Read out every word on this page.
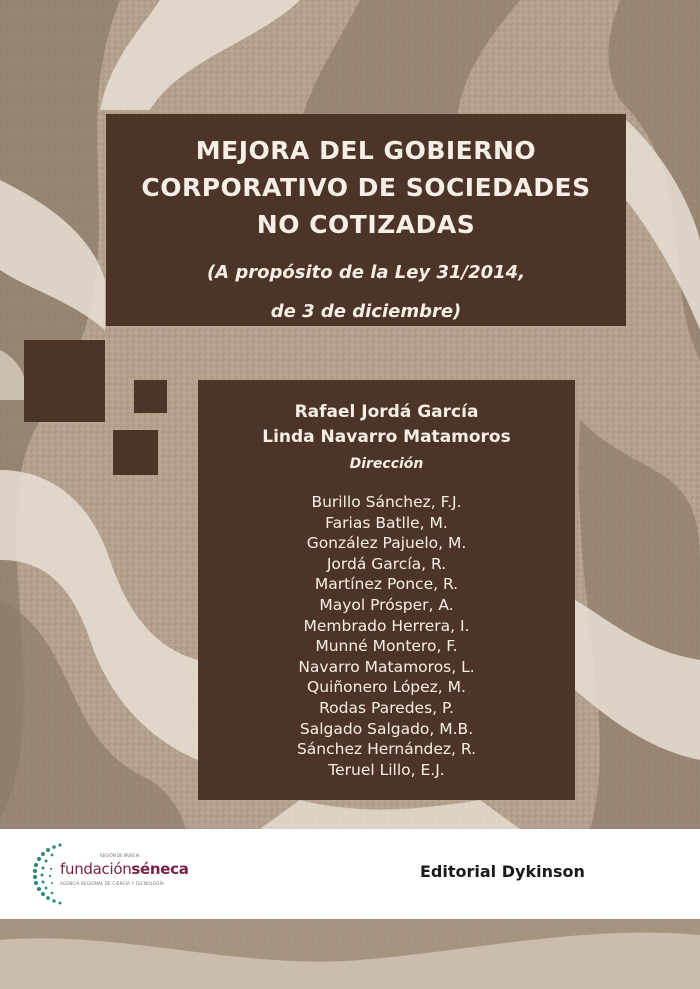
MEJORA DEL GOBIERNO
CORPORATIVO DE SOCIEDADES
NO COTIZADAS
(A propósito de la Ley 31/2014,
de 3 de diciembre)
Rafael Jordá García
Linda Navarro Matamoros
Dirección
Burillo Sánchez, F.J.
Farias Batlle, M.
González Pajuelo, M.
Jordá García, R.
Martínez Ponce, R.
Mayol Prósper, A.
Membrado Herrera, I.
Munné Montero, F.
Navarro Matamoros, L.
Quiñonero López, M.
Rodas Paredes, P.
Salgado Salgado, M.B.
Sánchez Hernández, R.
Teruel Lillo, E.J.
REGIÓN DE MURCIA
fundaciónséneca
AGENCIA REGIONAL DE CIENCIA Y TECNOLOGÍA
Editorial Dykinson
